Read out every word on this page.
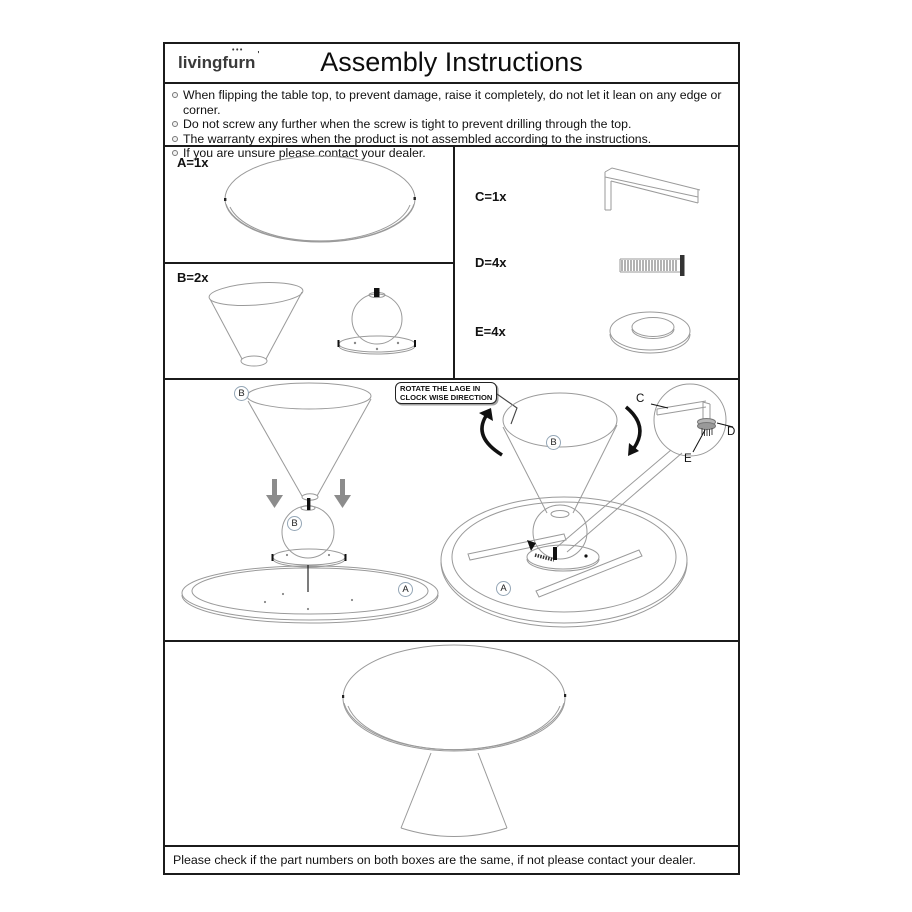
•••
livingfurn '	Assembly Instructions
When flipping the table top, to prevent damage, raise it completely, do not let it lean on any edge or corner.
Do not screw any further when the screw is tight to prevent drilling through the top.
The warranty expires when the product is not assembled according to the instructions.
If you are unsure please contact your dealer.
A=1x
B=2x
C=1x
D=4x
E=4x
B
B
A
B
A
C
D
E
ROTATE THE LAGE IN
CLOCK WISE DIRECTION
Please check if the part numbers on both boxes are the same, if not please contact your dealer.
